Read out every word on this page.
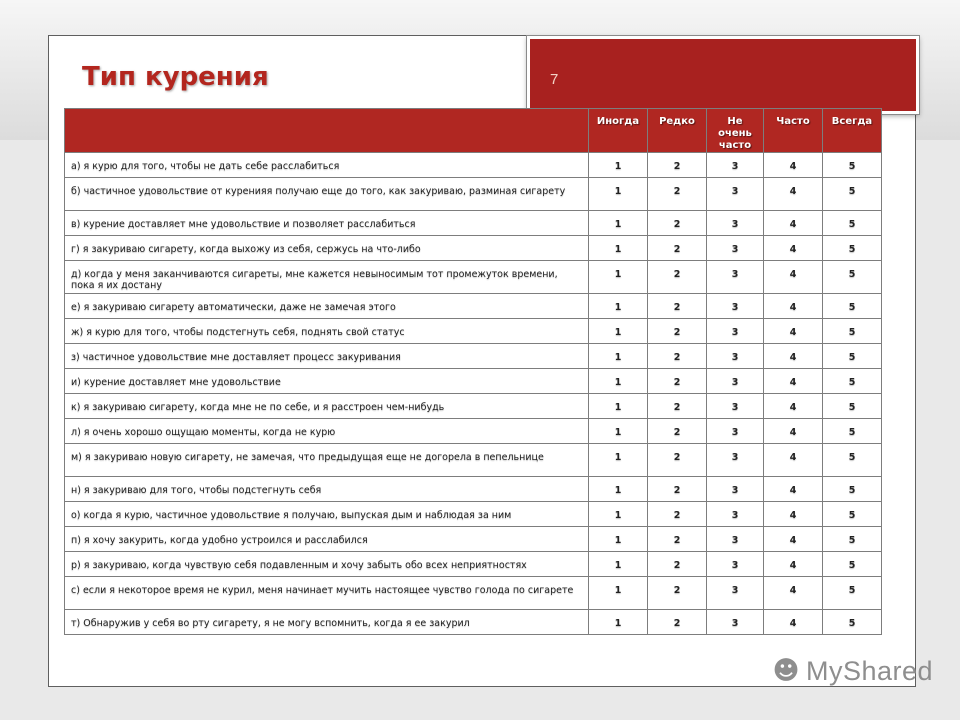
7
Тип курения
	Иногда	Редко	Не очень часто	Часто	Всегда
а) я курю для того, чтобы не дать себе расслабиться	1	2	3	4	5
б) частичное удовольствие от куренияя получаю еще до того, как закуриваю, разминая сигарету	1	2	3	4	5
в) курение доставляет мне удовольствие и позволяет расслабиться	1	2	3	4	5
г) я закуриваю сигарету, когда выхожу из себя, сержусь на что-либо	1	2	3	4	5
д) когда у меня заканчиваются сигареты, мне кажется невыносимым тот промежуток времени, пока я их достану	1	2	3	4	5
е) я закуриваю сигарету автоматически, даже не замечая этого	1	2	3	4	5
ж) я курю для того, чтобы подстегнуть себя, поднять свой статус	1	2	3	4	5
з) частичное удовольствие мне доставляет процесс закуривания	1	2	3	4	5
и) курение доставляет мне удовольствие	1	2	3	4	5
к) я закуриваю сигарету, когда мне не по себе, и я расстроен чем-нибудь	1	2	3	4	5
л) я очень хорошо ощущаю моменты, когда не курю	1	2	3	4	5
м) я закуриваю новую сигарету, не замечая, что предыдущая еще не догорела в пепельнице	1	2	3	4	5
н) я закуриваю для того, чтобы подстегнуть себя	1	2	3	4	5
о) когда я курю, частичное удовольствие я получаю, выпуская дым и наблюдая за ним	1	2	3	4	5
п) я хочу закурить, когда удобно устроился и расслабился	1	2	3	4	5
р) я закуриваю, когда чувствую себя подавленным и хочу забыть обо всех неприятностях	1	2	3	4	5
с) если я некоторое время не курил, меня начинает мучить настоящее чувство голода по сигарете	1	2	3	4	5
т) Обнаружив у себя во рту сигарету, я не могу вспомнить, когда я ее закурил	1	2	3	4	5
☻ MyShared
